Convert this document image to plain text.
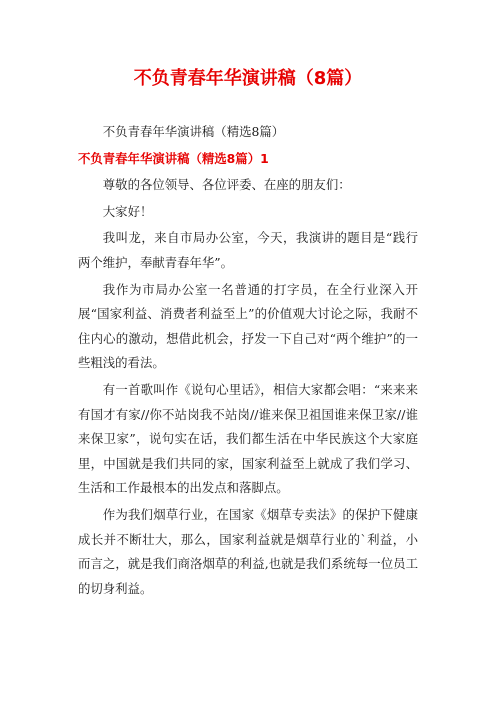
不负青春年华演讲稿（8篇）

不负青春年华演讲稿（精选8篇）

不负青春年华演讲稿（精选8篇）1

尊敬的各位领导、各位评委、在座的朋友们：

大家好！

我叫龙，来自市局办公室，今天，我演讲的题目是“践行两个维护，奉献青春年华”。

我作为市局办公室一名普通的打字员，在全行业深入开展“国家利益、消费者利益至上”的价值观大讨论之际，我耐不住内心的激动，想借此机会，抒发一下自己对“两个维护”的一些粗浅的看法。

有一首歌叫作《说句心里话》，相信大家都会唱：“来来来有国才有家//你不站岗我不站岗//谁来保卫祖国谁来保卫家//谁来保卫家”，说句实在话，我们都生活在中华民族这个大家庭里，中国就是我们共同的家，国家利益至上就成了我们学习、生活和工作最根本的出发点和落脚点。

作为我们烟草行业，在国家《烟草专卖法》的保护下健康成长并不断壮大，那么，国家利益就是烟草行业的`利益，小而言之，就是我们商洛烟草的利益,也就是我们系统每一位员工的切身利益。
